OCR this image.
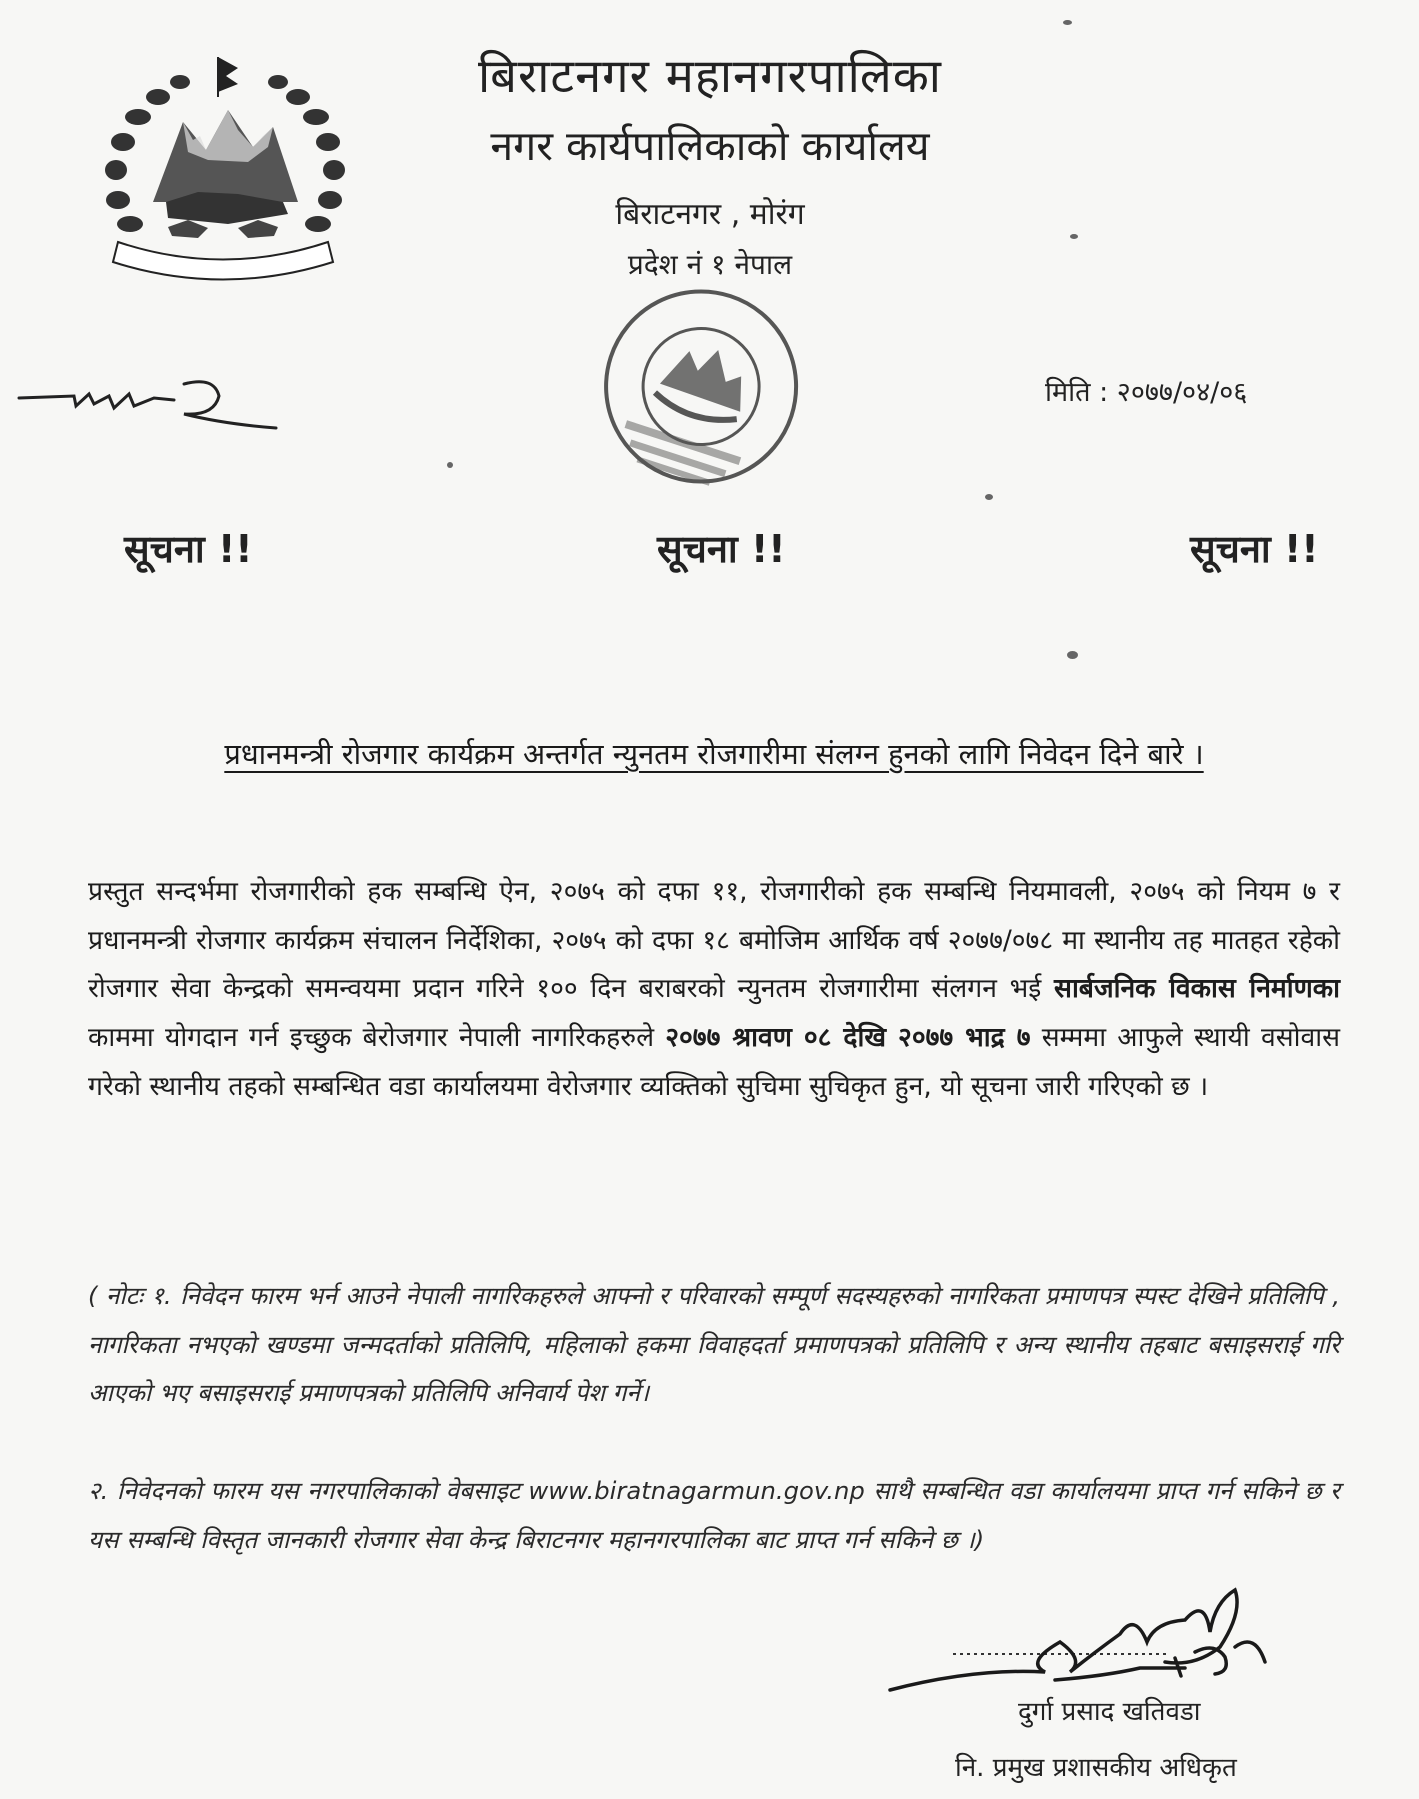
बिराटनगर महानगरपालिका
नगर कार्यपालिकाको कार्यालय
बिराटनगर , मोरंग
प्रदेश नं १ नेपाल
मिति : २०७७/०४/०६
सूचना !!	सूचना !!	सूचना !!
प्रधानमन्त्री रोजगार कार्यक्रम अन्तर्गत न्युनतम रोजगारीमा संलग्न हुनको लागि निवेदन दिने बारे ।
प्रस्तुत सन्दर्भमा रोजगारीको हक सम्बन्धि ऐन, २०७५ को दफा ११, रोजगारीको हक सम्बन्धि नियमावली, २०७५ को नियम ७ र प्रधानमन्त्री रोजगार कार्यक्रम संचालन निर्देशिका, २०७५ को दफा १८ बमोजिम आर्थिक वर्ष २०७७/०७८ मा स्थानीय तह मातहत रहेको रोजगार सेवा केन्द्रको समन्वयमा प्रदान गरिने १०० दिन बराबरको न्युनतम रोजगारीमा संलगन भई सार्बजनिक विकास निर्माणका काममा योगदान गर्न इच्छुक बेरोजगार नेपाली नागरिकहरुले २०७७ श्रावण ०८ देखि २०७७ भाद्र ७ सम्ममा आफुले स्थायी वसोवास गरेको स्थानीय तहको सम्बन्धित वडा कार्यालयमा वेरोजगार व्यक्तिको सुचिमा सुचिकृत हुन, यो सूचना जारी गरिएको छ ।
( नोटः १. निवेदन फारम भर्न आउने नेपाली नागरिकहरुले आफ्नो र परिवारको सम्पूर्ण सदस्यहरुको नागरिकता प्रमाणपत्र स्पस्ट देखिने प्रतिलिपि , नागरिकता नभएको खण्डमा जन्मदर्ताको प्रतिलिपि, महिलाको हकमा विवाहदर्ता प्रमाणपत्रको प्रतिलिपि र अन्य स्थानीय तहबाट बसाइसराई गरि आएको भए बसाइसराई प्रमाणपत्रको प्रतिलिपि अनिवार्य पेश गर्ने।
२. निवेदनको फारम यस नगरपालिकाको वेबसाइट www.biratnagarmun.gov.np साथै सम्बन्धित वडा कार्यालयमा प्राप्त गर्न सकिने छ र यस सम्बन्धि विस्तृत जानकारी रोजगार सेवा केन्द्र बिराटनगर महानगरपालिका बाट प्राप्त गर्न सकिने छ ।)
दुर्गा प्रसाद खतिवडा
नि. प्रमुख प्रशासकीय अधिकृत
